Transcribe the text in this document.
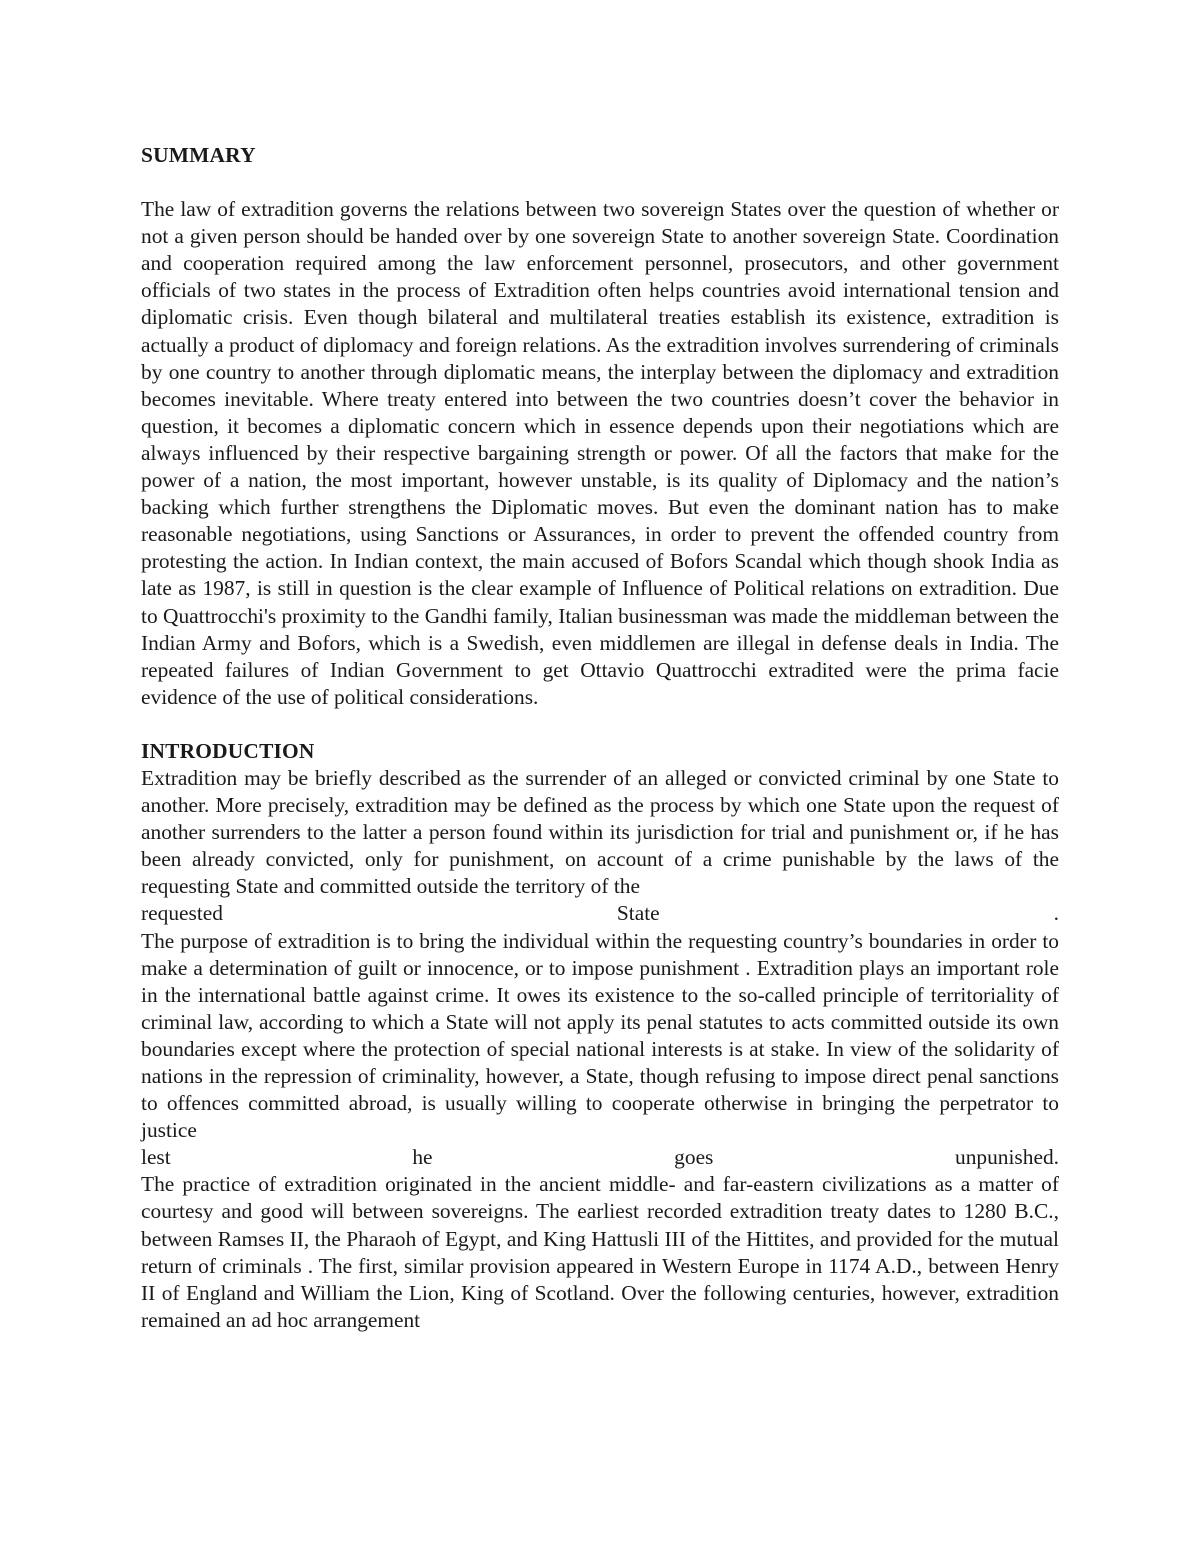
SUMMARY

The law of extradition governs the relations between two sovereign States over the question of whether or not a given person should be handed over by one sovereign State to another sovereign State. Coordination and cooperation required among the law enforcement personnel, prosecutors, and other government officials of two states in the process of Extradition often helps countries avoid international tension and diplomatic crisis. Even though bilateral and multilateral treaties establish its existence, extradition is actually a product of diplomacy and foreign relations. As the extradition involves surrendering of criminals by one country to another through diplomatic means, the interplay between the diplomacy and extradition becomes inevitable. Where treaty entered into between the two countries doesn’t cover the behavior in question, it becomes a diplomatic concern which in essence depends upon their negotiations which are always influenced by their respective bargaining strength or power. Of all the factors that make for the power of a nation, the most important, however unstable, is its quality of Diplomacy and the nation’s backing which further strengthens the Diplomatic moves. But even the dominant nation has to make reasonable negotiations, using Sanctions or Assurances, in order to prevent the offended country from protesting the action. In Indian context, the main accused of Bofors Scandal which though shook India as late as 1987, is still in question is the clear example of Influence of Political relations on extradition. Due to Quattrocchi's proximity to the Gandhi family, Italian businessman was made the middleman between the Indian Army and Bofors, which is a Swedish, even middlemen are illegal in defense deals in India. The repeated failures of Indian Government to get Ottavio Quattrocchi extradited were the prima facie evidence of the use of political considerations.

INTRODUCTION

Extradition may be briefly described as the surrender of an alleged or convicted criminal by one State to another. More precisely, extradition may be defined as the process by which one State upon the request of another surrenders to the latter a person found within its jurisdiction for trial and punishment or, if he has been already convicted, only for punishment, on account of a crime punishable by the laws of the requesting State and committed outside the territory of the

requested	State	.

The purpose of extradition is to bring the individual within the requesting country’s boundaries in order to make a determination of guilt or innocence, or to impose punishment . Extradition plays an important role in the international battle against crime. It owes its existence to the so-called principle of territoriality of criminal law, according to which a State will not apply its penal statutes to acts committed outside its own boundaries except where the protection of special national interests is at stake. In view of the solidarity of nations in the repression of criminality, however, a State, though refusing to impose direct penal sanctions to offences committed abroad, is usually willing to cooperate otherwise in bringing the perpetrator to justice

lest	he	goes	unpunished.

The practice of extradition originated in the ancient middle- and far-eastern civilizations as a matter of courtesy and good will between sovereigns. The earliest recorded extradition treaty dates to 1280 B.C., between Ramses II, the Pharaoh of Egypt, and King Hattusli III of the Hittites, and provided for the mutual return of criminals . The first, similar provision appeared in Western Europe in 1174 A.D., between Henry II of England and William the Lion, King of Scotland. Over the following centuries, however, extradition remained an ad hoc arrangement
